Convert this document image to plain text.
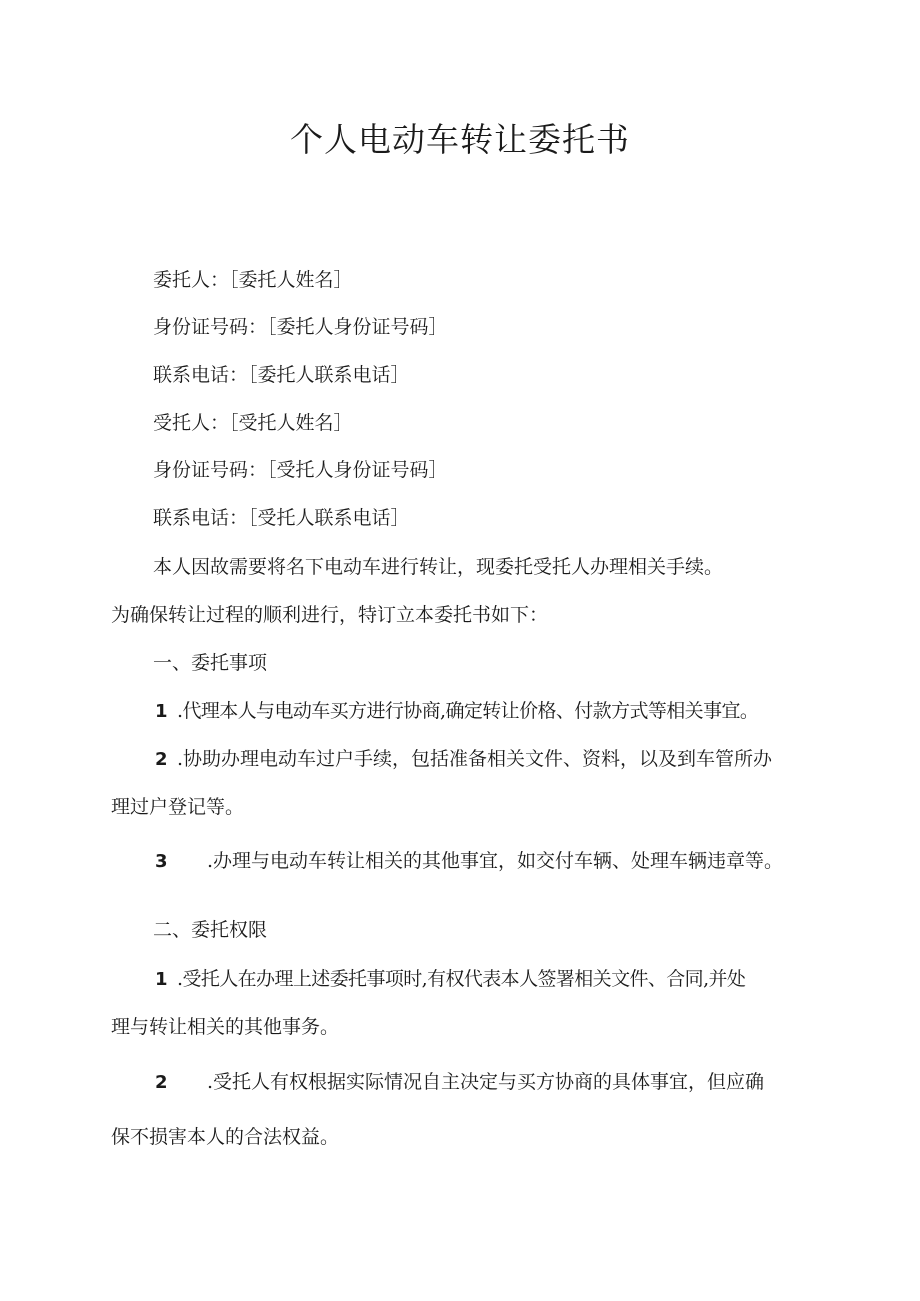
个人电动车转让委托书

委托人：［委托人姓名］

身份证号码：［委托人身份证号码］

联系电话：［委托人联系电话］

受托人：［受托人姓名］

身份证号码：［受托人身份证号码］

联系电话：［受托人联系电话］

本人因故需要将名下电动车进行转让，现委托受托人办理相关手续。

为确保转让过程的顺利进行，特订立本委托书如下：

一、委托事项

1 .代理本人与电动车买方进行协商,确定转让价格、付款方式等相关事宜。

2 .协助办理电动车过户手续，包括准备相关文件、资料，以及到车管所办

理过户登记等。

3 .办理与电动车转让相关的其他事宜，如交付车辆、处理车辆违章等。

二、委托权限

1 .受托人在办理上述委托事项时,有权代表本人签署相关文件、合同,并处

理与转让相关的其他事务。

2 .受托人有权根据实际情况自主决定与买方协商的具体事宜，但应确

保不损害本人的合法权益。
